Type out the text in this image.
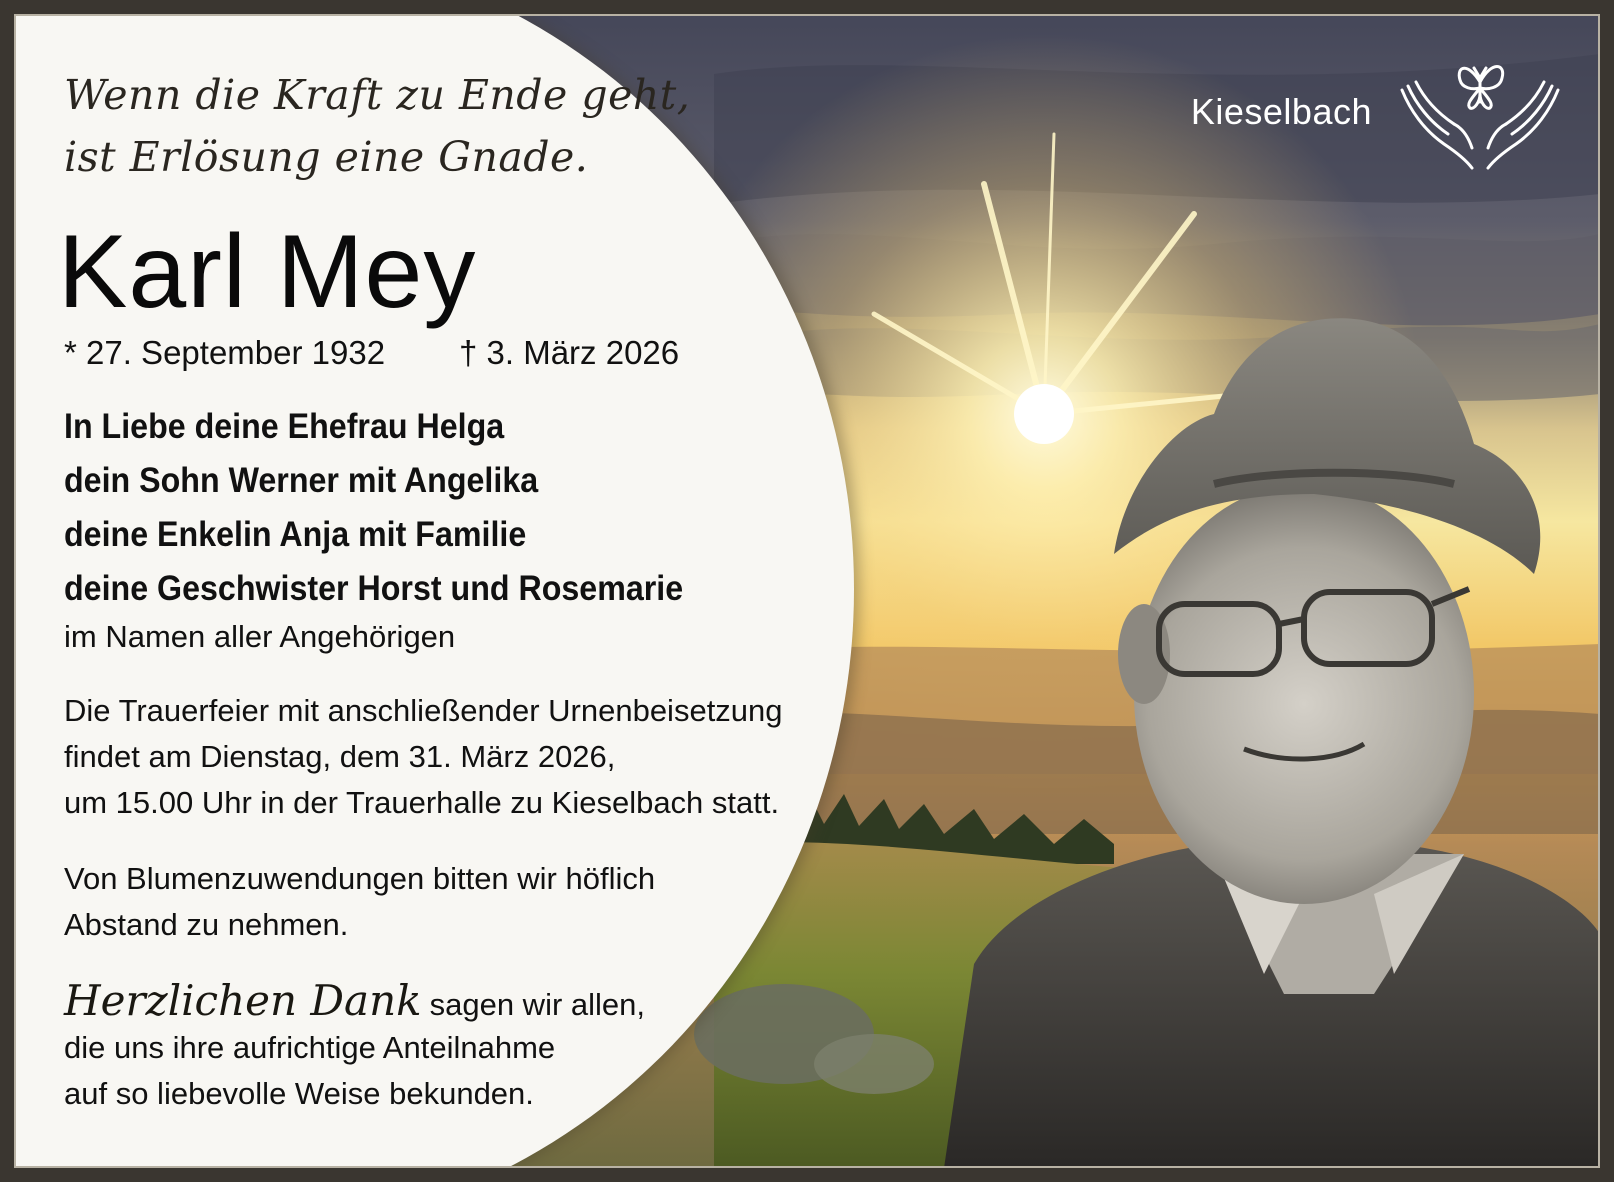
Kieselbach
Wenn die Kraft zu Ende geht,
ist Erlösung eine Gnade.
Karl Mey
* 27. September 1932	† 3. März 2026
In Liebe deine Ehefrau Helga
dein Sohn Werner mit Angelika
deine Enkelin Anja mit Familie
deine Geschwister Horst und Rosemarie
im Namen aller Angehörigen
Die Trauerfeier mit anschließender Urnenbeisetzung
findet am Dienstag, dem 31. März 2026,
um 15.00 Uhr in der Trauerhalle zu Kieselbach statt.
Von Blumenzuwendungen bitten wir höflich
Abstand zu nehmen.
Herzlichen Dank sagen wir allen,
die uns ihre aufrichtige Anteilnahme
auf so liebevolle Weise bekunden.
